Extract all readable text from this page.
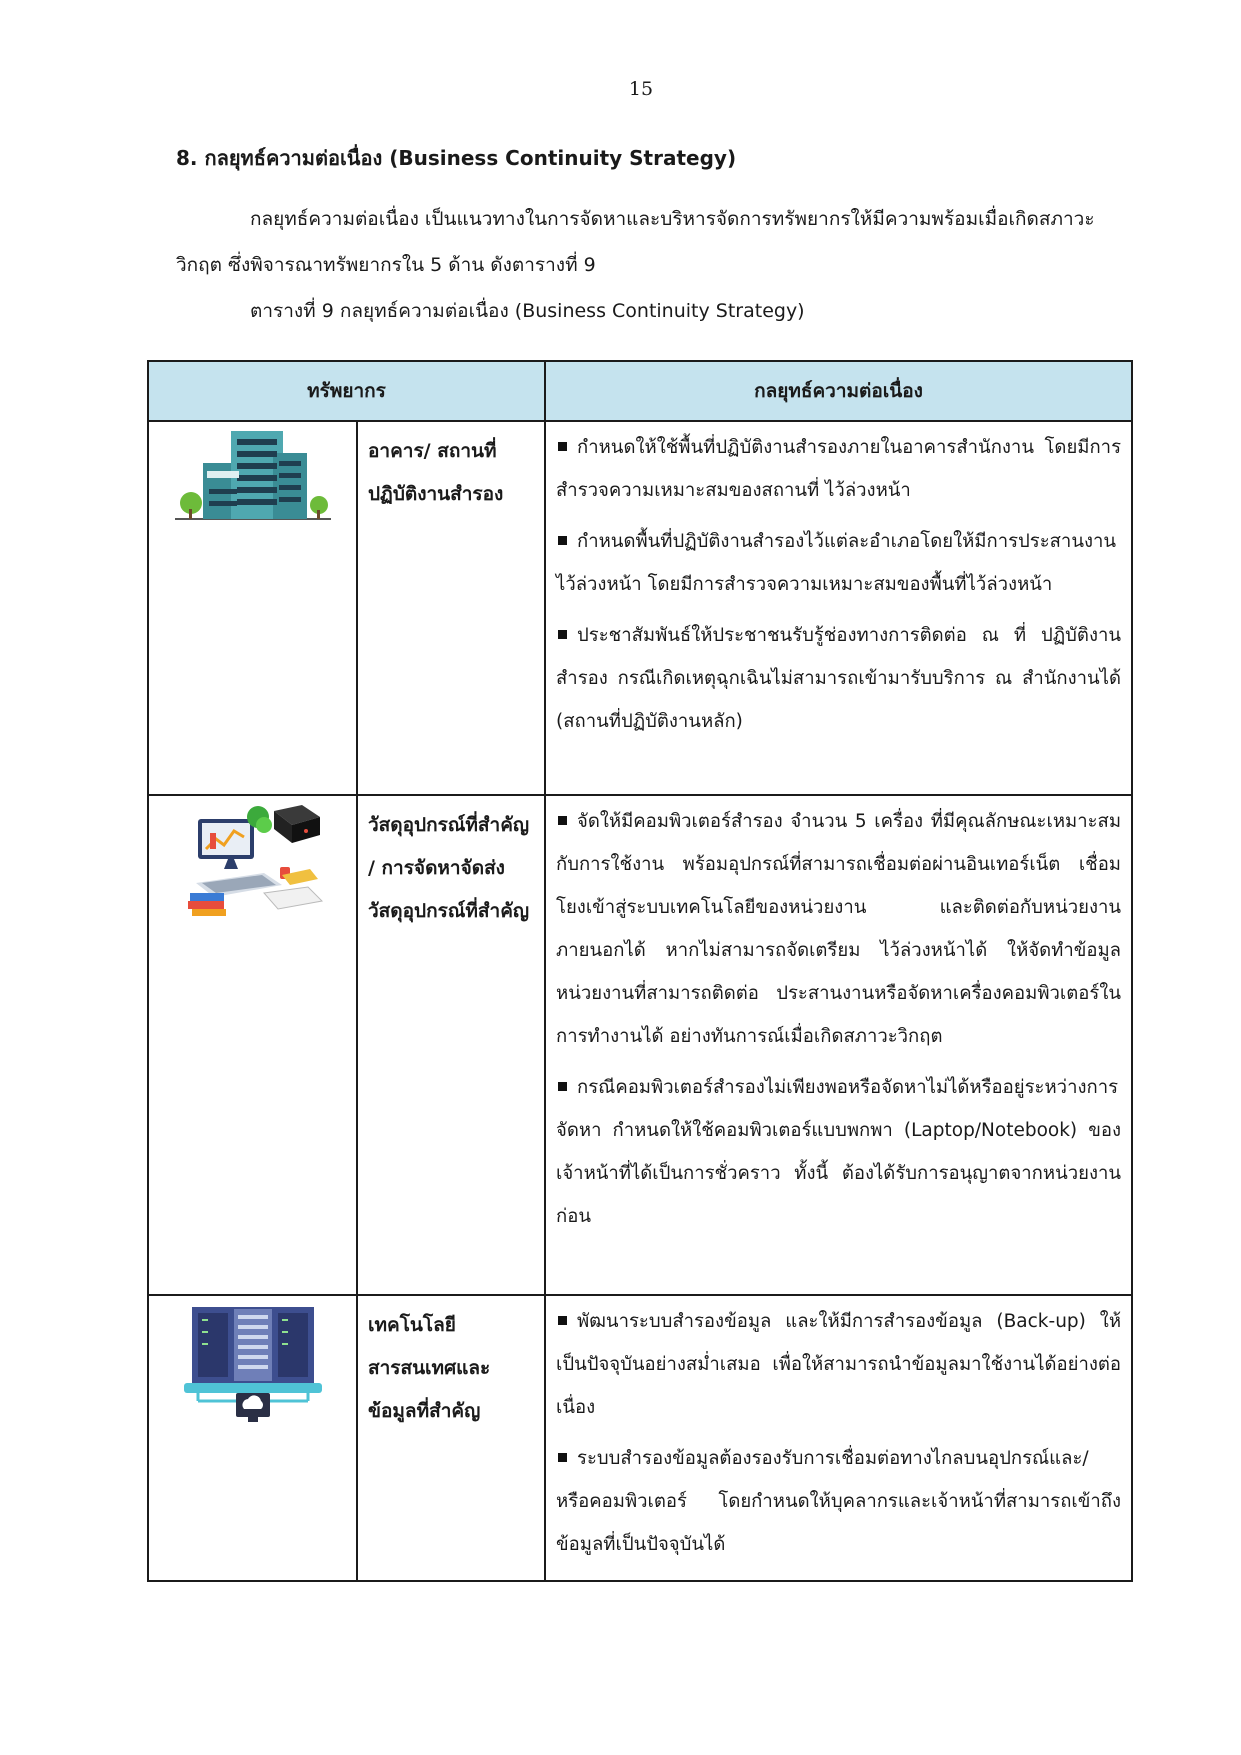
15
8. กลยุทธ์ความต่อเนื่อง (Business Continuity Strategy)
กลยุทธ์ความต่อเนื่อง เป็นแนวทางในการจัดหาและบริหารจัดการทรัพยากรให้มีความพร้อมเมื่อเกิดสภาวะวิกฤต ซึ่งพิจารณาทรัพยากรใน 5 ด้าน ดังตารางที่ 9
ตารางที่ 9 กลยุทธ์ความต่อเนื่อง (Business Continuity Strategy)
ทรัพยากร		กลยุทธ์ความต่อเนื่อง
	อาคาร/ สถานที่ปฏิบัติงานสำรอง	กำหนดให้ใช้พื้นที่ปฏิบัติงานสำรองภายในอาคารสำนักงาน โดยมีการสำรวจความเหมาะสมของสถานที่ ไว้ล่วงหน้า

กำหนดพื้นที่ปฏิบัติงานสำรองไว้แต่ละอำเภอโดยให้มีการประสานงานไว้ล่วงหน้า โดยมีการสำรวจความเหมาะสมของพื้นที่ไว้ล่วงหน้า

ประชาสัมพันธ์ให้ประชาชนรับรู้ช่องทางการติดต่อ ณ ที่ ปฏิบัติงานสำรอง กรณีเกิดเหตุฉุกเฉินไม่สามารถเข้ามารับบริการ ณ สำนักงานได้ (สถานที่ปฏิบัติงานหลัก)

	วัสดุอุปกรณ์ที่สำคัญ / การจัดหาจัดส่งวัสดุอุปกรณ์ที่สำคัญ	จัดให้มีคอมพิวเตอร์สำรอง จำนวน 5 เครื่อง ที่มีคุณลักษณะเหมาะสมกับการใช้งาน พร้อมอุปกรณ์ที่สามารถเชื่อมต่อผ่านอินเทอร์เน็ต เชื่อมโยงเข้าสู่ระบบเทคโนโลยีของหน่วยงาน และติดต่อกับหน่วยงานภายนอกได้ หากไม่สามารถจัดเตรียม ไว้ล่วงหน้าได้ ให้จัดทำข้อมูลหน่วยงานที่สามารถติดต่อ ประสานงานหรือจัดหาเครื่องคอมพิวเตอร์ในการทำงานได้ อย่างทันการณ์เมื่อเกิดสภาวะวิกฤต

กรณีคอมพิวเตอร์สำรองไม่เพียงพอหรือจัดหาไม่ได้หรืออยู่ระหว่างการจัดหา กำหนดให้ใช้คอมพิวเตอร์แบบพกพา (Laptop/Notebook) ของเจ้าหน้าที่ได้เป็นการชั่วคราว ทั้งนี้ ต้องได้รับการอนุญาตจากหน่วยงานก่อน

	เทคโนโลยีสารสนเทศและข้อมูลที่สำคัญ	พัฒนาระบบสำรองข้อมูล และให้มีการสำรองข้อมูล (Back-up) ให้เป็นปัจจุบันอย่างสม่ำเสมอ เพื่อให้สามารถนำข้อมูลมาใช้งานได้อย่างต่อเนื่อง

ระบบสำรองข้อมูลต้องรองรับการเชื่อมต่อทางไกลบนอุปกรณ์และ/หรือคอมพิวเตอร์ โดยกำหนดให้บุคลากรและเจ้าหน้าที่สามารถเข้าถึงข้อมูลที่เป็นปัจจุบันได้
